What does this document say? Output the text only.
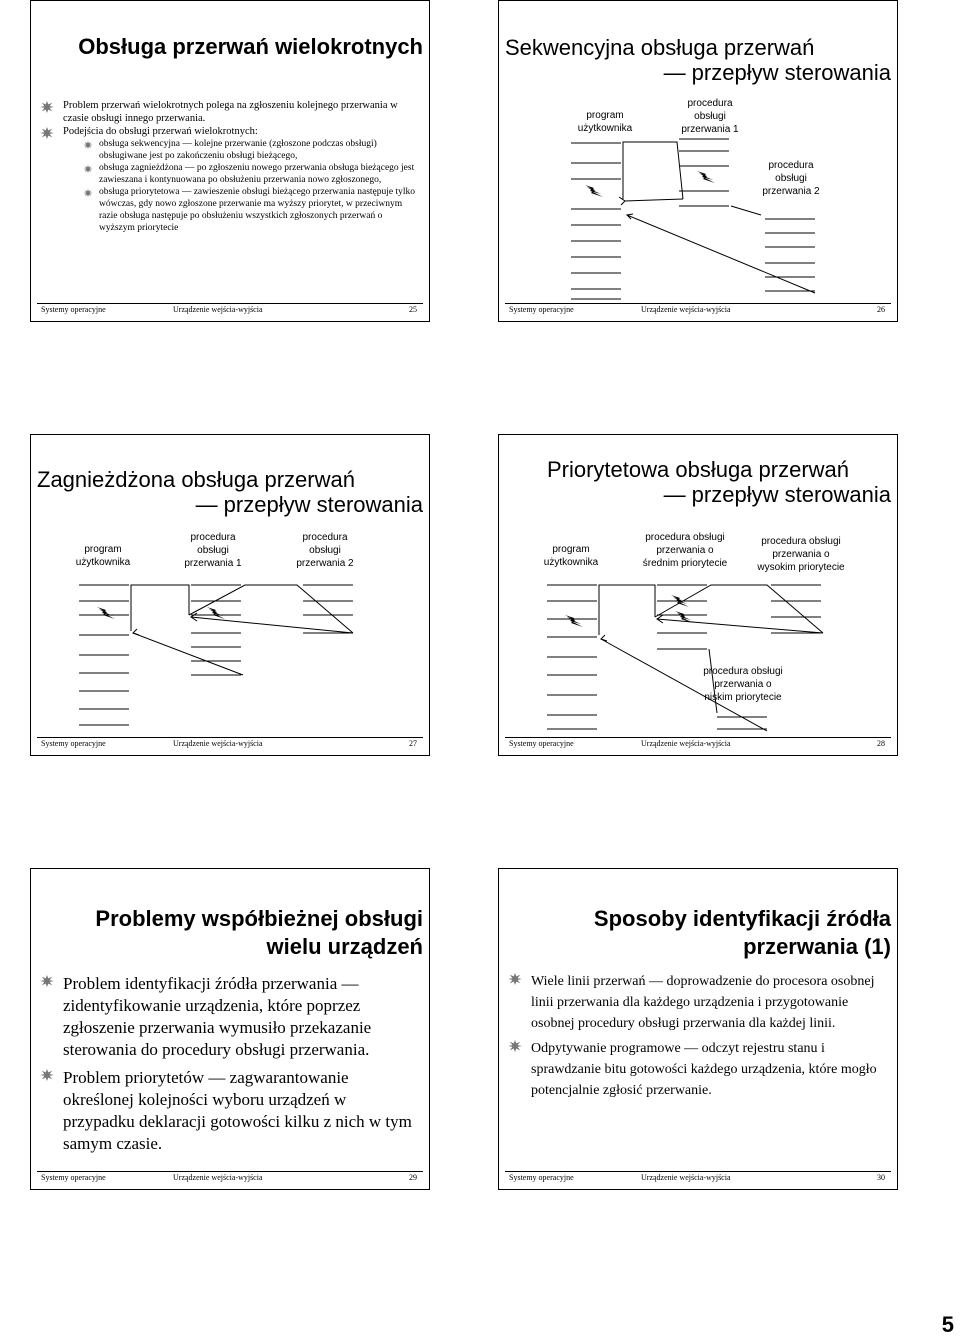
Obsługa przerwań wielokrotnych
Problem przerwań wielokrotnych polega na zgłoszeniu kolejnego przerwania w czasie obsługi innego przerwania.
Podejścia do obsługi przerwań wielokrotnych:
obsługa sekwencyjna — kolejne przerwanie (zgłoszone podczas obsługi) obsługiwane jest po zakończeniu obsługi bieżącego,
obsługa zagnieżdżona — po zgłoszeniu nowego przerwania obsługa bieżącego jest zawieszana i kontynuowana po obsłużeniu przerwania nowo zgłoszonego,
obsługa priorytetowa — zawieszenie obsługi bieżącego przerwania następuje tylko wówczas, gdy nowo zgłoszone przerwanie ma wyższy priorytet, w przeciwnym razie obsługa następuje po obsłużeniu wszystkich zgłoszonych przerwań o wyższym priorytecie
Systemy operacyjne	Urządzenie wejścia-wyjścia	25
Sekwencyjna obsługa przerwań
— przepływ sterowania
program
użytkownika
procedura
obsługi
przerwania 1
procedura
obsługi
przerwania 2
Systemy operacyjne	Urządzenie wejścia-wyjścia	26
Zagnieżdżona obsługa przerwań
— przepływ sterowania
program
użytkownika
procedura
obsługi
przerwania 1
procedura
obsługi
przerwania 2
Systemy operacyjne	Urządzenie wejścia-wyjścia	27
Priorytetowa obsługa przerwań
— przepływ sterowania
program
użytkownika
procedura obsługi
przerwania o
średnim priorytecie
procedura obsługi
przerwania o
wysokim priorytecie
procedura obsługi
przerwania o
niskim priorytecie
Systemy operacyjne	Urządzenie wejścia-wyjścia	28
Problemy współbieżnej obsługi wielu urządzeń
Problem identyfikacji źródła przerwania — zidentyfikowanie urządzenia, które poprzez zgłoszenie przerwania wymusiło przekazanie sterowania do procedury obsługi przerwania.
Problem priorytetów — zagwarantowanie określonej kolejności wyboru urządzeń w przypadku deklaracji gotowości kilku z nich w tym samym czasie.
Systemy operacyjne	Urządzenie wejścia-wyjścia	29
Sposoby identyfikacji źródła przerwania (1)
Wiele linii przerwań — doprowadzenie do procesora osobnej linii przerwania dla każdego urządzenia i przygotowanie osobnej procedury obsługi przerwania dla każdej linii.
Odpytywanie programowe — odczyt rejestru stanu i sprawdzanie bitu gotowości każdego urządzenia, które mogło potencjalnie zgłosić przerwanie.
Systemy operacyjne	Urządzenie wejścia-wyjścia	30
5
